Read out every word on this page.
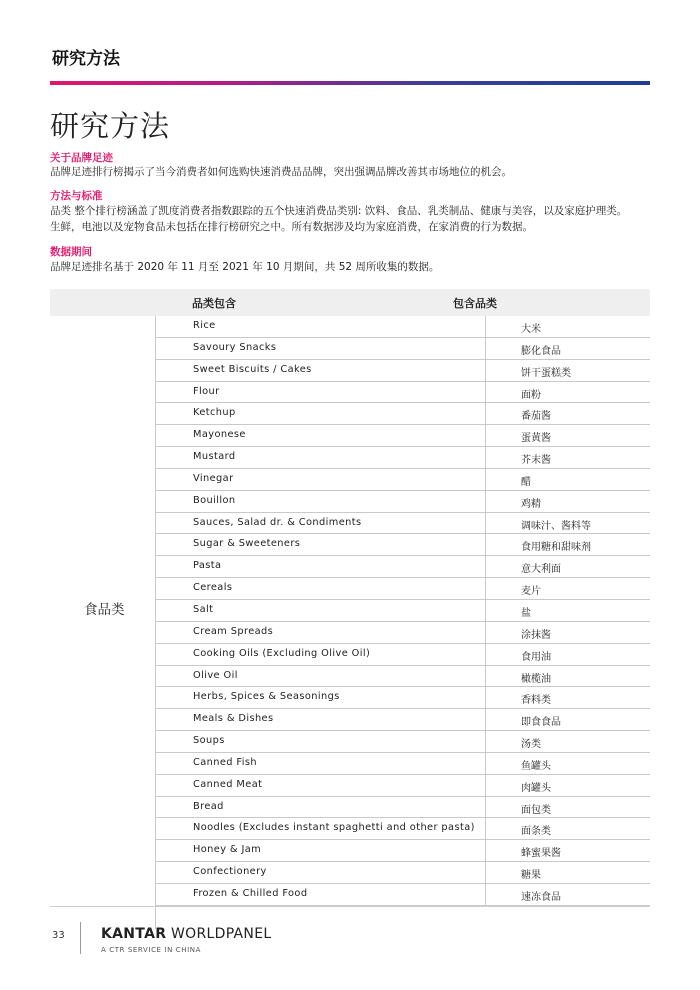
研究方法
研究方法
关于品牌足迹
品牌足迹排行榜揭示了当今消费者如何选购快速消费品品牌，突出强调品牌改善其市场地位的机会。
方法与标准
品类 整个排行榜涵盖了凯度消费者指数跟踪的五个快速消费品类别: 饮料、食品、乳类制品、健康与美容，以及家庭护理类。
生鲜，电池以及宠物食品未包括在排行榜研究之中。所有数据涉及均为家庭消费，在家消费的行为数据。
数据期间
品牌足迹排名基于 2020 年 11 月至 2021 年 10 月期间，共 52 周所收集的数据。
品类包含	包含品类
食品类
Rice	大米
Savoury Snacks	膨化食品
Sweet Biscuits / Cakes	饼干蛋糕类
Flour	面粉
Ketchup	番茄酱
Mayonese	蛋黄酱
Mustard	芥末酱
Vinegar	醋
Bouillon	鸡精
Sauces, Salad dr. & Condiments	调味汁、酱料等
Sugar & Sweeteners	食用糖和甜味剂
Pasta	意大利面
Cereals	麦片
Salt	盐
Cream Spreads	涂抹酱
Cooking Oils (Excluding Olive Oil)	食用油
Olive Oil	橄榄油
Herbs, Spices & Seasonings	香料类
Meals & Dishes	即食食品
Soups	汤类
Canned Fish	鱼罐头
Canned Meat	肉罐头
Bread	面包类
Noodles (Excludes instant spaghetti and other pasta)	面条类
Honey & Jam	蜂蜜果酱
Confectionery	糖果
Frozen & Chilled Food	速冻食品
33	KANTAR WORLDPANEL
A CTR SERVICE IN CHINA
